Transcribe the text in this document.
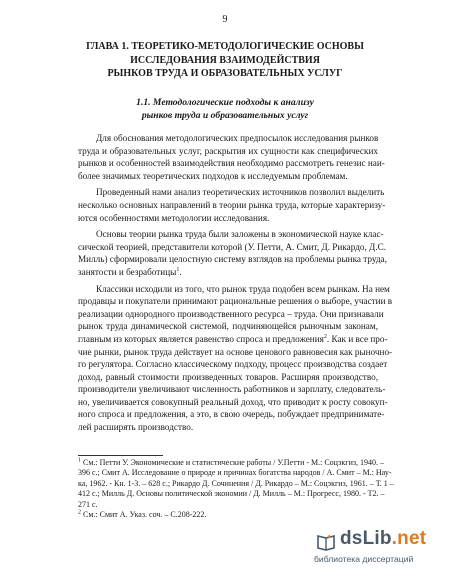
9
ГЛАВА 1. ТЕОРЕТИКО-МЕТОДОЛОГИЧЕСКИЕ ОСНОВЫ
ИССЛЕДОВАНИЯ ВЗАИМОДЕЙСТВИЯ
РЫНКОВ ТРУДА И ОБРАЗОВАТЕЛЬНЫХ УСЛУГ
1.1. Методологические подходы к анализу
рынков труда и образовательных услуг
Для обоснования методологических предпосылок исследования рынков
труда и образовательных услуг, раскрытия их сущности как специфических
рынков и особенностей взаимодействия необходимо рассмотреть генезис наи-
более значимых теоретических подходов к исследуемым проблемам.
Проведенный нами анализ теоретических источников позволил выделить
несколько основных направлений в теории рынка труда, которые характеризу-
ются особенностями методологии исследования.
Основы теории рынка труда были заложены в экономической науке клас-
сической теорией, представители которой (У. Петти, А. Смит, Д. Рикардо, Д.С.
Милль) сформировали целостную систему взглядов на проблемы рынка труда,
занятости и безработицы$^1$.
Классики исходили из того, что рынок труда подобен всем рынкам. На нем
продавцы и покупатели принимают рациональные решения о выборе, участии в
реализации однородного производственного ресурса – труда. Они признавали
рынок труда динамической системой, подчиняющейся рыночным законам,
главным из которых является равенство спроса и предложения$^2$. Как и все про-
чие рынки, рынок труда действует на основе ценового равновесия как рыночно-
го регулятора. Согласно классическому подходу, процесс производства создает
доход, равный стоимости произведенных товаров. Расширяя производство,
производители увеличивают численность работников и зарплату, следователь-
но, увеличивается совокупный реальный доход, что приводит к росту совокуп-
ного спроса и предложения, а это, в свою очередь, побуждает предпринимате-
лей расширять производство.
$^1$ См.: Петти У. Экономические и статистические работы / У.Петти - М.: Соцэкгиз, 1940. –
396 с.; Смит А. Исследование о природе и причинах богатства народов / А. Смит – М.: Нау-
ка, 1962. - Кн. 1-3. – 628 с.; Рикардо Д. Сочинения / Д. Рикардо – М.: Соцэкгиз, 1961. – Т. 1 –
412 с.; Милль Д. Основы политической экономии / Д. Милль – М.: Прогресс, 1980. - Т2. –
271 с.
$^2$ См.: Смит А. Указ. соч. – С.208-222.
dsLib.net
библиотека диссертаций
